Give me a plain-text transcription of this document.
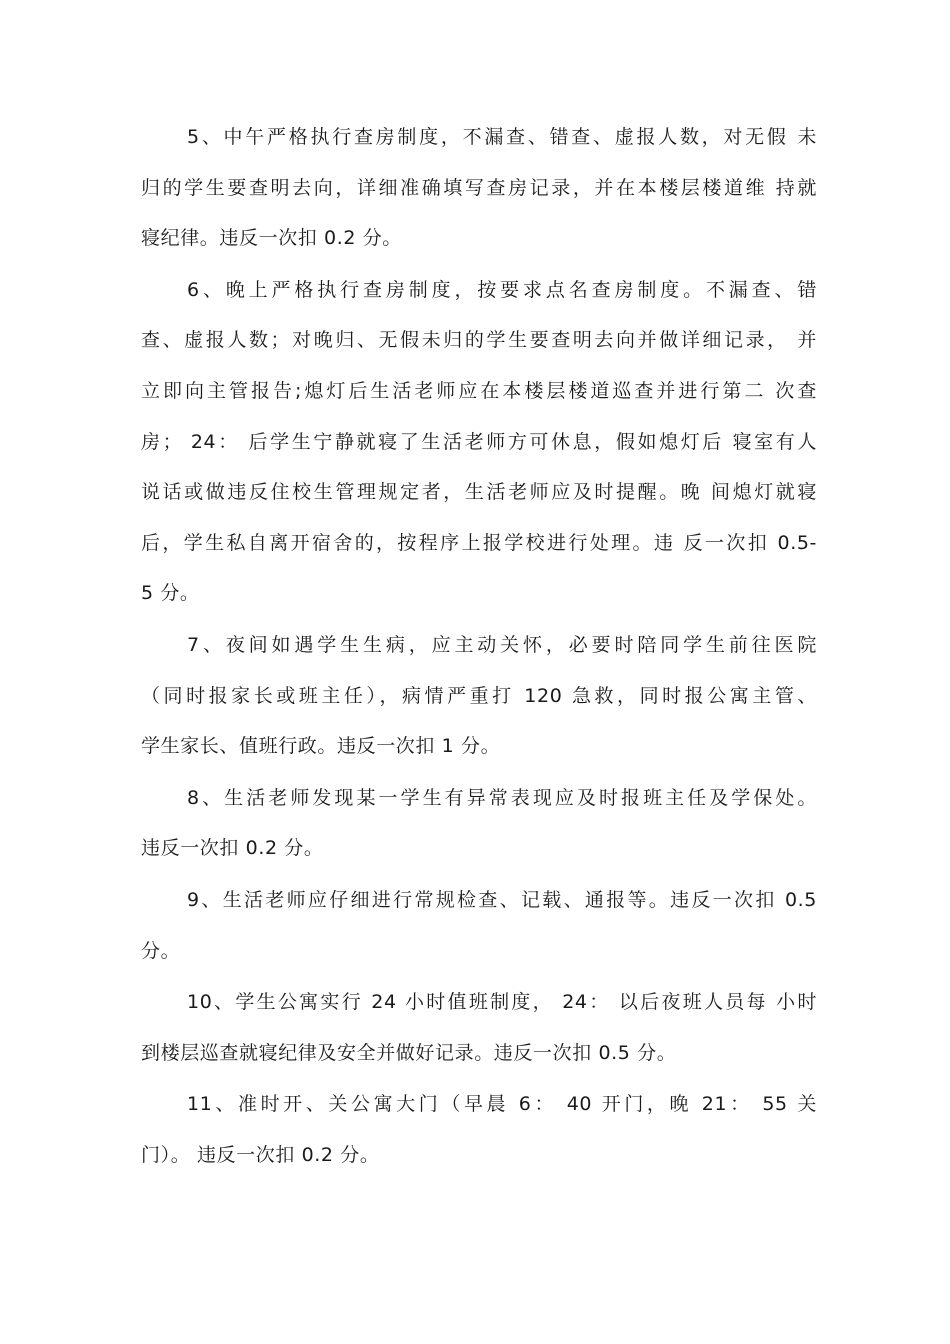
5、中午严格执行查房制度，不漏查、错查、虚报人数，对无假 未
归的学生要查明去向，详细准确填写查房记录，并在本楼层楼道维 持就
寝纪律。违反一次扣 0.2 分。
6、晚上严格执行查房制度，按要求点名查房制度。不漏查、错
查、虚报人数；对晚归、无假未归的学生要查明去向并做详细记录， 并
立即向主管报告;熄灯后生活老师应在本楼层楼道巡查并进行第二 次查
房； 24： 后学生宁静就寝了生活老师方可休息，假如熄灯后 寝室有人
说话或做违反住校生管理规定者，生活老师应及时提醒。晚 间熄灯就寝
后，学生私自离开宿舍的，按程序上报学校进行处理。违 反一次扣 0.5-
5 分。
7、夜间如遇学生生病，应主动关怀，必要时陪同学生前往医院
（同时报家长或班主任），病情严重打 120 急救，同时报公寓主管、
学生家长、值班行政。违反一次扣 1 分。
8、生活老师发现某一学生有异常表现应及时报班主任及学保处。
违反一次扣 0.2 分。
9、生活老师应仔细进行常规检查、记载、通报等。违反一次扣 0.5
分。
10、学生公寓实行 24 小时值班制度， 24： 以后夜班人员每 小时
到楼层巡查就寝纪律及安全并做好记录。违反一次扣 0.5 分。
11、准时开、关公寓大门（早晨 6： 40 开门，晚 21： 55 关
门）。 违反一次扣 0.2 分。
